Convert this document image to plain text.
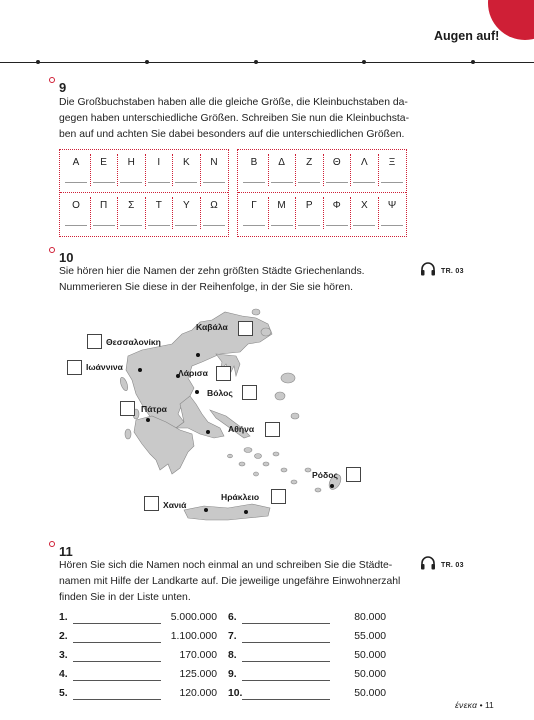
Augen auf!
9
Die Großbuchstaben haben alle die gleiche Größe, die Kleinbuchstaben da-
gegen haben unterschiedliche Größen. Schreiben Sie nun die Kleinbuchsta-
ben auf und achten Sie dabei besonders auf die unterschiedlichen Größen.
Α	Ε	Η	Ι	Κ	Ν
Ο	Π	Σ	Τ	Υ	Ω
Β	Δ	Ζ	Θ	Λ	Ξ
Γ	Μ	Ρ	Φ	Χ	Ψ
10
Sie hören hier die Namen der zehn größten Städte Griechenlands.
Nummerieren Sie diese in der Reihenfolge, in der Sie sie hören.
TR. 03
Καβάλα
Θεσσαλονίκη
Ιωάννινα
Λάρισα
Βόλος
Πάτρα
Αθήνα
Ρόδος
Χανιά
Ηράκλειο
11
Hören Sie sich die Namen noch einmal an und schreiben Sie die Städte-
namen mit Hilfe der Landkarte auf. Die jeweilige ungefähre Einwohnerzahl
finden Sie in der Liste unten.
TR. 03
1.	5.000.000
2.	1.100.000
3.	170.000
4.	125.000
5.	120.000
6.	80.000
7.	55.000
8.	50.000
9.	50.000
10.	50.000
ένεκα • 11
